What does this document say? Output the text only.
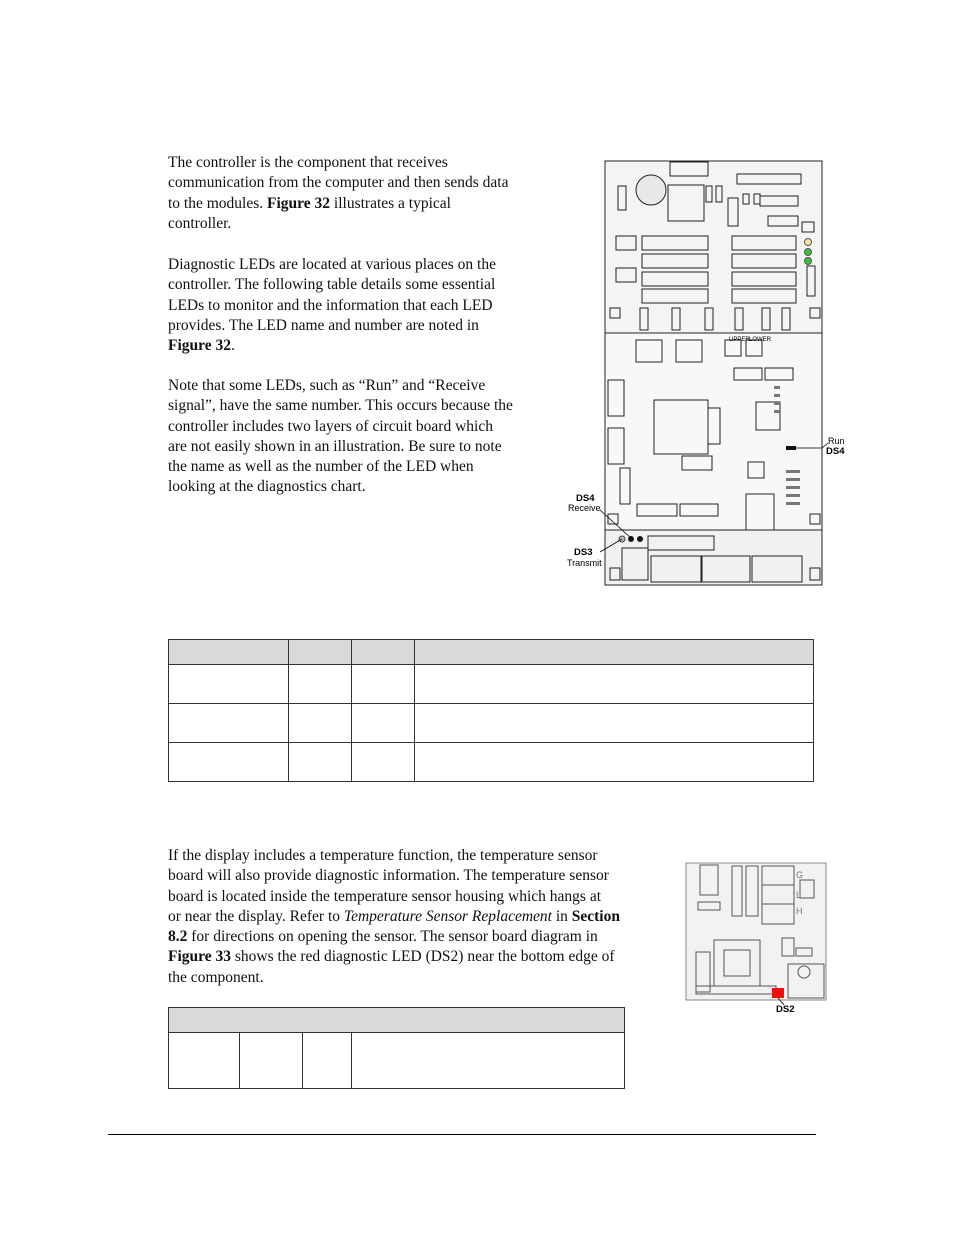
The controller is the component that receives
communication from the computer and then sends data
to the modules. Figure 32 illustrates a typical
controller.

Diagnostic LEDs are located at various places on the
controller. The following table details some essential
LEDs to monitor and the information that each LED
provides. The LED name and number are noted in
Figure 32.

Note that some LEDs, such as “Run” and “Receive
signal”, have the same number. This occurs because the
controller includes two layers of circuit board which
are not easily shown in an illustration. Be sure to note
the name as well as the number of the LED when
looking at the diagnostics chart.

UPPER LOWER
Run
DS4
DS4
Receive
DS3
Transmit

If the display includes a temperature function, the temperature sensor
board will also provide diagnostic information. The temperature sensor
board is located inside the temperature sensor housing which hangs at
or near the display. Refer to Temperature Sensor Replacement in Section
8.2 for directions on opening the sensor. The sensor board diagram in
Figure 33 shows the red diagnostic LED (DS2) near the bottom edge of
the component.

G
L
H
DS2
